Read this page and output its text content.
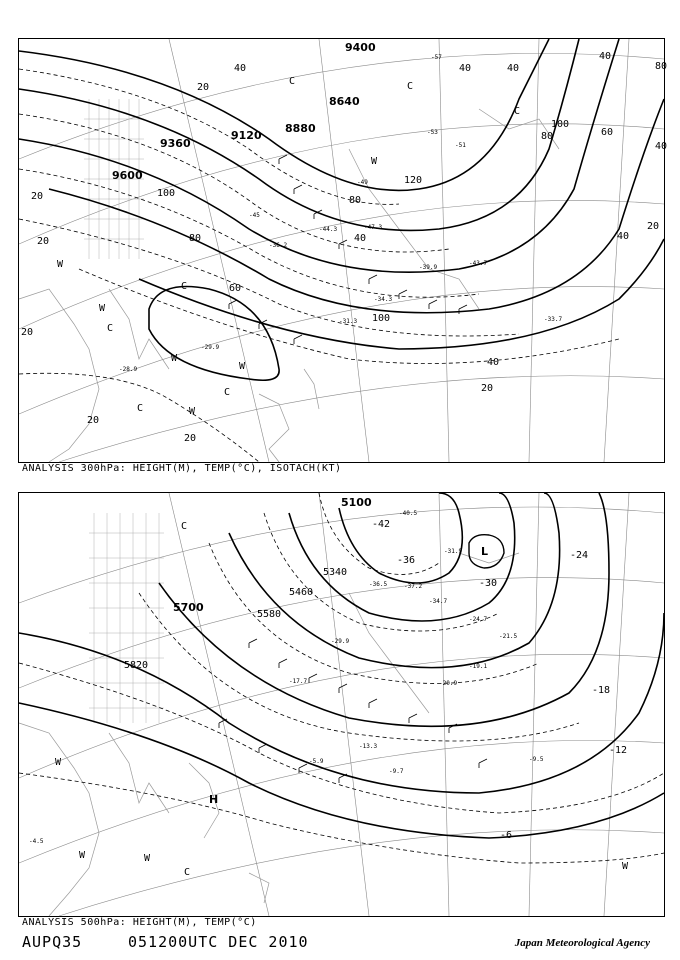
9400
8640
8880
9120
9360
9600
20
20
20
20
20
20
20
20
40	40	40
40
40	40
40
40
60
60
80
80
80
80
100
100
100
120
-57
-53
-51
-49
-47.3
-45
-44.3
-43.7
-39.9
-36.2
-34.3
-33.7
-31.3
-29.9
-28.9
C	C
C
C
C
C
C
W
W
W
W
W
W
ANALYSIS 300hPa: HEIGHT(M), TEMP(°C), ISOTACH(KT)
5100
5340
5460
5580
5700
5820
-42
-36
-30
-24
-18
-12
-6
-40.5
-37.2
-36.5
-34.7
-31.9
-29.9
-24.7
-21.5
-20.9
-19.1
-17.7
-13.3
-9.7
-9.5
-5.9
-4.5
L
H
C
C
W
W	W
W
ANALYSIS 500hPa: HEIGHT(M), TEMP(°C)
AUPQ35	051200UTC DEC 2010	Japan Meteorological Agency
